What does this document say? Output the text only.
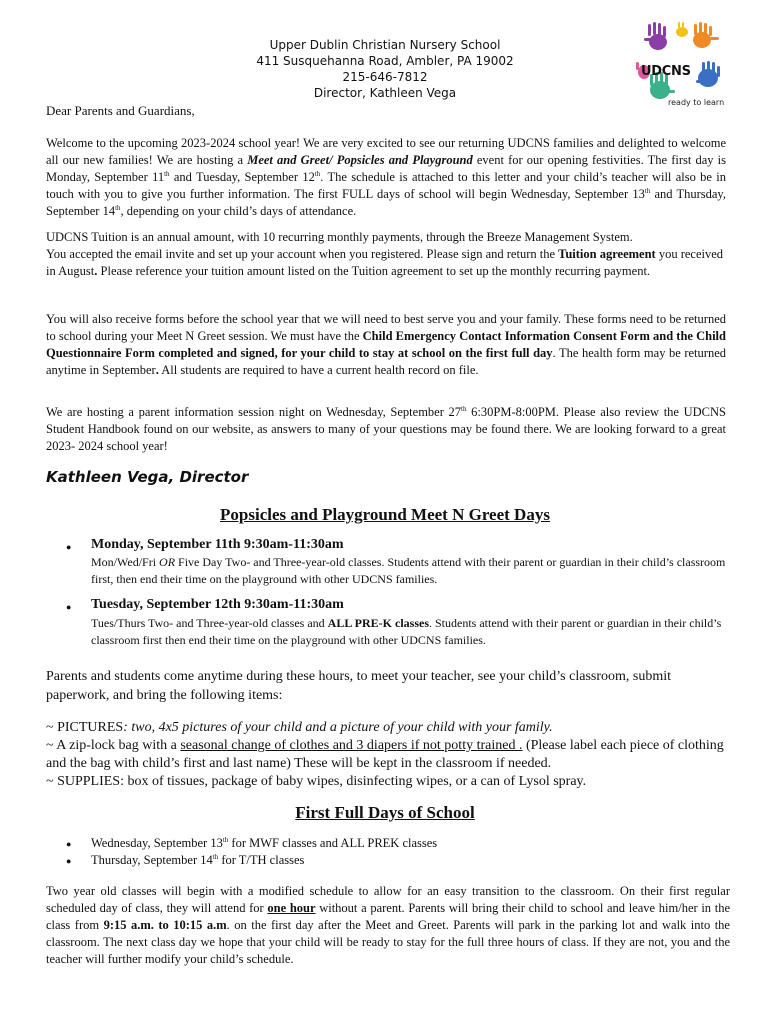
Upper Dublin Christian Nursery School
411 Susquehanna Road, Ambler, PA 19002
215-646-7812
Director, Kathleen Vega
UDCNS
ready to learn
Dear Parents and Guardians,

Welcome to the upcoming 2023-2024 school year! We are very excited to see our returning UDCNS families and delighted to welcome all our new families! We are hosting a Meet and Greet/ Popsicles and Playground event for our opening festivities. The first day is Monday, September 11th and Tuesday, September 12th. The schedule is attached to this letter and your child’s teacher will also be in touch with you to give you further information. The first FULL days of school will begin Wednesday, September 13th and Thursday, September 14th, depending on your child’s days of attendance.

UDCNS Tuition is an annual amount, with 10 recurring monthly payments, through the Breeze Management System.
You accepted the email invite and set up your account when you registered. Please sign and return the Tuition agreement you received in August. Please reference your tuition amount listed on the Tuition agreement to set up the monthly recurring payment.

You will also receive forms before the school year that we will need to best serve you and your family. These forms need to be returned to school during your Meet N Greet session. We must have the Child Emergency Contact Information Consent Form and the Child Questionnaire Form completed and signed, for your child to stay at school on the first full day. The health form may be returned anytime in September. All students are required to have a current health record on file.

We are hosting a parent information session night on Wednesday, September 27th 6:30PM-8:00PM. Please also review the UDCNS Student Handbook found on our website, as answers to many of your questions may be found there. We are looking forward to a great 2023- 2024 school year!

Kathleen Vega, Director
Popsicles and Playground Meet N Greet Days
● Monday, September 11th 9:30am-11:30am

Mon/Wed/Fri OR Five Day Two- and Three-year-old classes. Students attend with their parent or guardian in their child’s classroom first, then end their time on the playground with other UDCNS families.

● Tuesday, September 12th 9:30am-11:30am

Tues/Thurs Two- and Three-year-old classes and ALL PRE-K classes. Students attend with their parent or guardian in their child’s classroom first then end their time on the playground with other UDCNS families.

Parents and students come anytime during these hours, to meet your teacher, see your child’s classroom, submit paperwork, and bring the following items:

~ PICTURES: two, 4x5 pictures of your child and a picture of your child with your family.
~ A zip-lock bag with a seasonal change of clothes and 3 diapers if not potty trained . (Please label each piece of clothing and the bag with child’s first and last name) These will be kept in the classroom if needed.
~ SUPPLIES: box of tissues, package of baby wipes, disinfecting wipes, or a can of Lysol spray.

First Full Days of School
● Wednesday, September 13th for MWF classes and ALL PREK classes
● Thursday, September 14th for T/TH classes

Two year old classes will begin with a modified schedule to allow for an easy transition to the classroom. On their first regular scheduled day of class, they will attend for one hour without a parent. Parents will bring their child to school and leave him/her in the class from 9:15 a.m. to 10:15 a.m. on the first day after the Meet and Greet. Parents will park in the parking lot and walk into the classroom. The next class day we hope that your child will be ready to stay for the full three hours of class. If they are not, you and the teacher will further modify your child’s schedule.
